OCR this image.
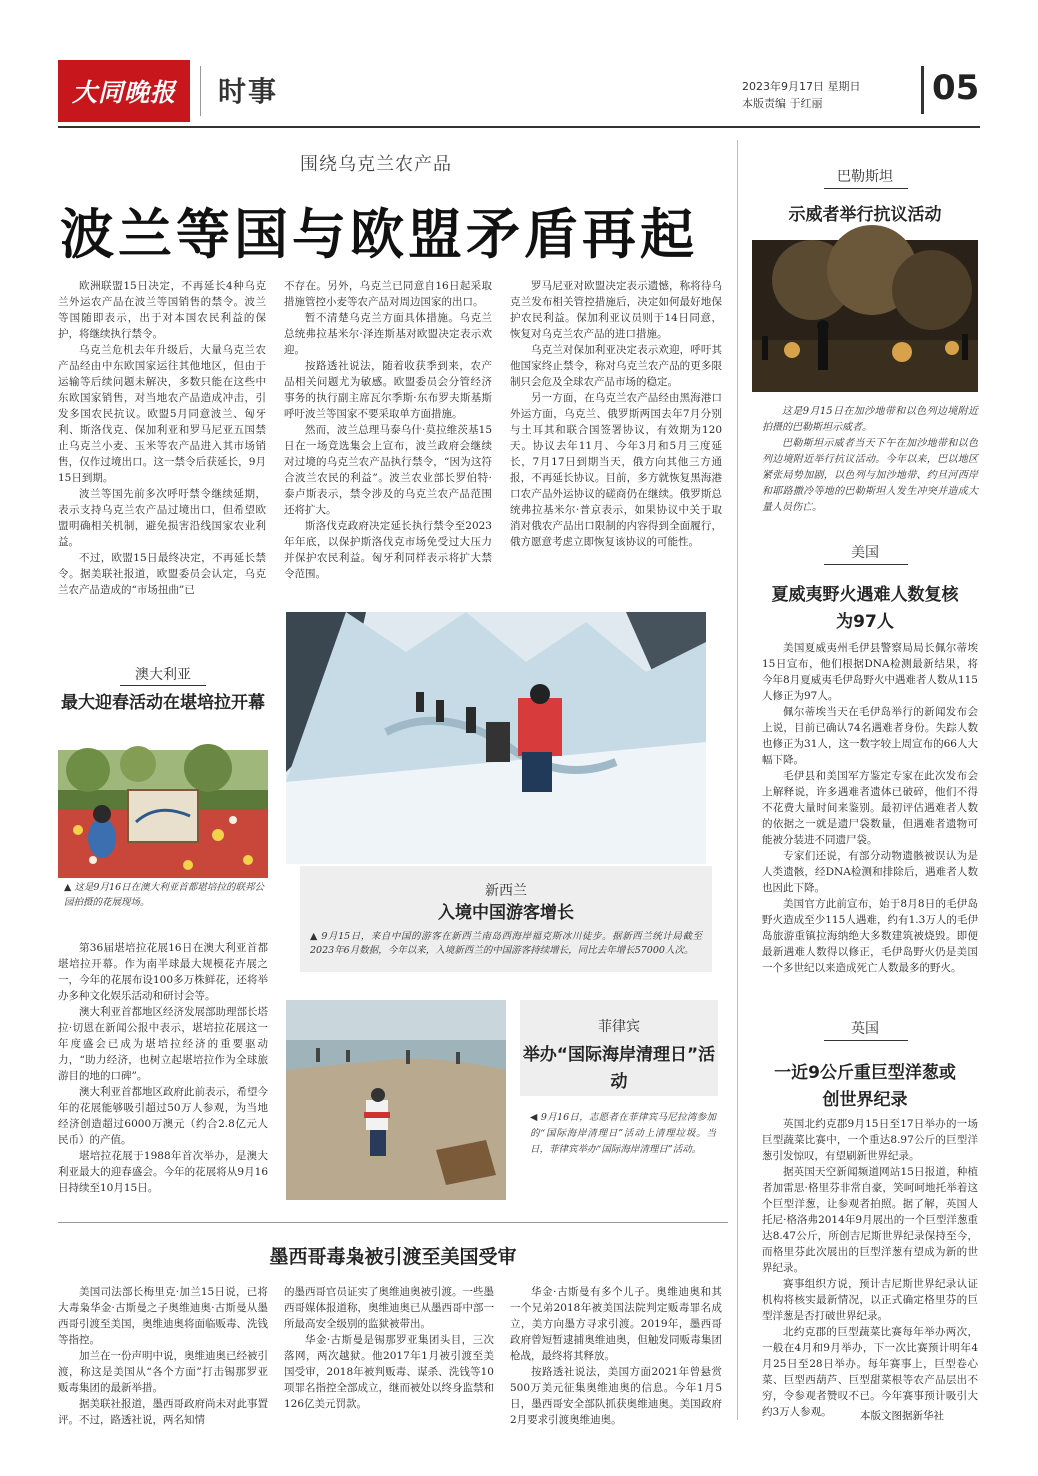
大同晚报 时事	2023年9月17日 星期日
本版责编 于红丽	05
围绕乌克兰农产品
波兰等国与欧盟矛盾再起

欧洲联盟15日决定，不再延长4种乌克兰外运农产品在波兰等国销售的禁令。波兰等国随即表示，出于对本国农民利益的保护，将继续执行禁令。

乌克兰危机去年升级后，大量乌克兰农产品经由中东欧国家运往其他地区，但由于运输等后续问题未解决，多数只能在这些中东欧国家销售，对当地农产品造成冲击，引发多国农民抗议。欧盟5月同意波兰、匈牙利、斯洛伐克、保加利亚和罗马尼亚五国禁止乌克兰小麦、玉米等农产品进入其市场销售，仅作过境出口。这一禁令后获延长，9月15日到期。

波兰等国先前多次呼吁禁令继续延期，表示支持乌克兰农产品过境出口，但希望欧盟明确相关机制，避免损害沿线国家农业利益。

不过，欧盟15日最终决定，不再延长禁令。据美联社报道，欧盟委员会认定，乌克兰农产品造成的“市场扭曲”已

不存在。另外，乌克兰已同意自16日起采取措施管控小麦等农产品对周边国家的出口。

暂不清楚乌克兰方面具体措施。乌克兰总统弗拉基米尔·泽连斯基对欧盟决定表示欢迎。

按路透社说法，随着收获季到来，农产品相关问题尤为敏感。欧盟委员会分管经济事务的执行副主席瓦尔季斯·东布罗夫斯基斯呼吁波兰等国家不要采取单方面措施。

然而，波兰总理马泰乌什·莫拉维茨基15日在一场竞选集会上宣布，波兰政府会继续对过境的乌克兰农产品执行禁令，“因为这符合波兰农民的利益”。波兰农业部长罗伯特·泰卢斯表示，禁令涉及的乌克兰农产品范围还将扩大。

斯洛伐克政府决定延长执行禁令至2023年年底，以保护斯洛伐克市场免受过大压力并保护农民利益。匈牙利同样表示将扩大禁令范围。

罗马尼亚对欧盟决定表示遗憾，称将待乌克兰发布相关管控措施后，决定如何最好地保护农民利益。保加利亚议员则于14日同意，恢复对乌克兰农产品的进口措施。

乌克兰对保加利亚决定表示欢迎，呼吁其他国家终止禁令，称对乌克兰农产品的更多限制只会危及全球农产品市场的稳定。

另一方面，在乌克兰农产品经由黑海港口外运方面，乌克兰、俄罗斯两国去年7月分别与土耳其和联合国签署协议，有效期为120天。协议去年11月、今年3月和5月三度延长，7月17日到期当天，俄方向其他三方通报，不再延长协议。目前，多方就恢复黑海港口农产品外运协议的磋商仍在继续。俄罗斯总统弗拉基米尔·普京表示，如果协议中关于取消对俄农产品出口限制的内容得到全面履行，俄方愿意考虑立即恢复该协议的可能性。

澳大利亚
最大迎春活动在堪培拉开幕
▲ 这是9月16日在澳大利亚首都堪培拉的联邦公园拍摄的花展现场。

第36届堪培拉花展16日在澳大利亚首都堪培拉开幕。作为南半球最大规模花卉展之一，今年的花展布设100多万株鲜花，还将举办多种文化娱乐活动和研讨会等。

澳大利亚首都地区经济发展部助理部长塔拉·切恩在新闻公报中表示，堪培拉花展这一年度盛会已成为堪培拉经济的重要驱动力，“助力经济，也树立起堪培拉作为全球旅游目的地的口碑”。

澳大利亚首都地区政府此前表示，希望今年的花展能够吸引超过50万人参观，为当地经济创造超过6000万澳元（约合2.8亿元人民币）的产值。

堪培拉花展于1988年首次举办，是澳大利亚最大的迎春盛会。今年的花展将从9月16日持续至10月15日。

新西兰
入境中国游客增长
▲ 9月15日，来自中国的游客在新西兰南岛西海岸福克斯冰川徒步。据新西兰统计局截至2023年6月数据，今年以来，入境新西兰的中国游客持续增长，同比去年增长57000人次。
菲律宾
举办“国际海岸清理日”活动
◀ 9月16日，志愿者在菲律宾马尼拉湾参加的“国际海岸清理日”活动上清理垃圾。当日，菲律宾举办“国际海岸清理日”活动。
墨西哥毒枭被引渡至美国受审

美国司法部长梅里克·加兰15日说，已将大毒枭华金·古斯曼之子奥维迪奥·古斯曼从墨西哥引渡至美国，奥维迪奥将面临贩毒、洗钱等指控。

加兰在一份声明中说，奥维迪奥已经被引渡，称这是美国从“各个方面”打击锡那罗亚贩毒集团的最新举措。

据美联社报道，墨西哥政府尚未对此事置评。不过，路透社说，两名知情

的墨西哥官员证实了奥维迪奥被引渡。一些墨西哥媒体报道称，奥维迪奥已从墨西哥中部一所最高安全级别的监狱被带出。

华金·古斯曼是锡那罗亚集团头目，三次落网，两次越狱。他2017年1月被引渡至美国受审，2018年被判贩毒、谋杀、洗钱等10项罪名指控全部成立，继而被处以终身监禁和126亿美元罚款。

华金·古斯曼有多个儿子。奥维迪奥和其一个兄弟2018年被美国法院判定贩毒罪名成立，美方向墨方寻求引渡。2019年，墨西哥政府曾短暂逮捕奥维迪奥，但触发同贩毒集团枪战，最终将其释放。

按路透社说法，美国方面2021年曾悬赏500万美元征集奥维迪奥的信息。今年1月5日，墨西哥安全部队抓获奥维迪奥。美国政府2月要求引渡奥维迪奥。

巴勒斯坦
示威者举行抗议活动

这是9月15日在加沙地带和以色列边境附近拍摄的巴勒斯坦示威者。

巴勒斯坦示威者当天下午在加沙地带和以色列边境附近举行抗议活动。今年以来，巴以地区紧张局势加剧，以色列与加沙地带、约旦河西岸和耶路撒冷等地的巴勒斯坦人发生冲突并造成大量人员伤亡。

美国
夏威夷野火遇难人数复核为97人

美国夏威夷州毛伊县警察局局长佩尔蒂埃15日宣布，他们根据DNA检测最新结果，将今年8月夏威夷毛伊岛野火中遇难者人数从115人修正为97人。

佩尔蒂埃当天在毛伊岛举行的新闻发布会上说，目前已确认74名遇难者身份。失踪人数也修正为31人，这一数字较上周宣布的66人大幅下降。

毛伊县和美国军方鉴定专家在此次发布会上解释说，许多遇难者遗体已破碎，他们不得不花费大量时间来鉴别。最初评估遇难者人数的依据之一就是遗尸袋数量，但遇难者遗物可能被分装进不同遗尸袋。

专家们还说，有部分动物遗骸被误认为是人类遗骸，经DNA检测和排除后，遇难者人数也因此下降。

美国官方此前宣布，始于8月8日的毛伊岛野火造成至少115人遇难，约有1.3万人的毛伊岛旅游重镇拉海纳绝大多数建筑被烧毁。即便最新遇难人数得以修正，毛伊岛野火仍是美国一个多世纪以来造成死亡人数最多的野火。

英国
一近9公斤重巨型洋葱或创世界纪录

英国北约克郡9月15日至17日举办的一场巨型蔬菜比赛中，一个重达8.97公斤的巨型洋葱引发惊叹，有望刷新世界纪录。

据英国天空新闻频道网站15日报道，种植者加雷思·格里芬非常自豪，笑呵呵地托举着这个巨型洋葱，让参观者拍照。据了解，英国人托尼·格洛弗2014年9月展出的一个巨型洋葱重达8.47公斤，所创吉尼斯世界纪录保持至今，而格里芬此次展出的巨型洋葱有望成为新的世界纪录。

赛事组织方说，预计吉尼斯世界纪录认证机构将核实最新情况，以正式确定格里芬的巨型洋葱是否打破世界纪录。

北约克郡的巨型蔬菜比赛每年举办两次，一般在4月和9月举办，下一次比赛预计明年4月25日至28日举办。每年赛事上，巨型卷心菜、巨型西葫芦、巨型甜菜根等农产品层出不穷，令参观者赞叹不已。今年赛事预计吸引大约3万人参观。	本版文图据新华社
